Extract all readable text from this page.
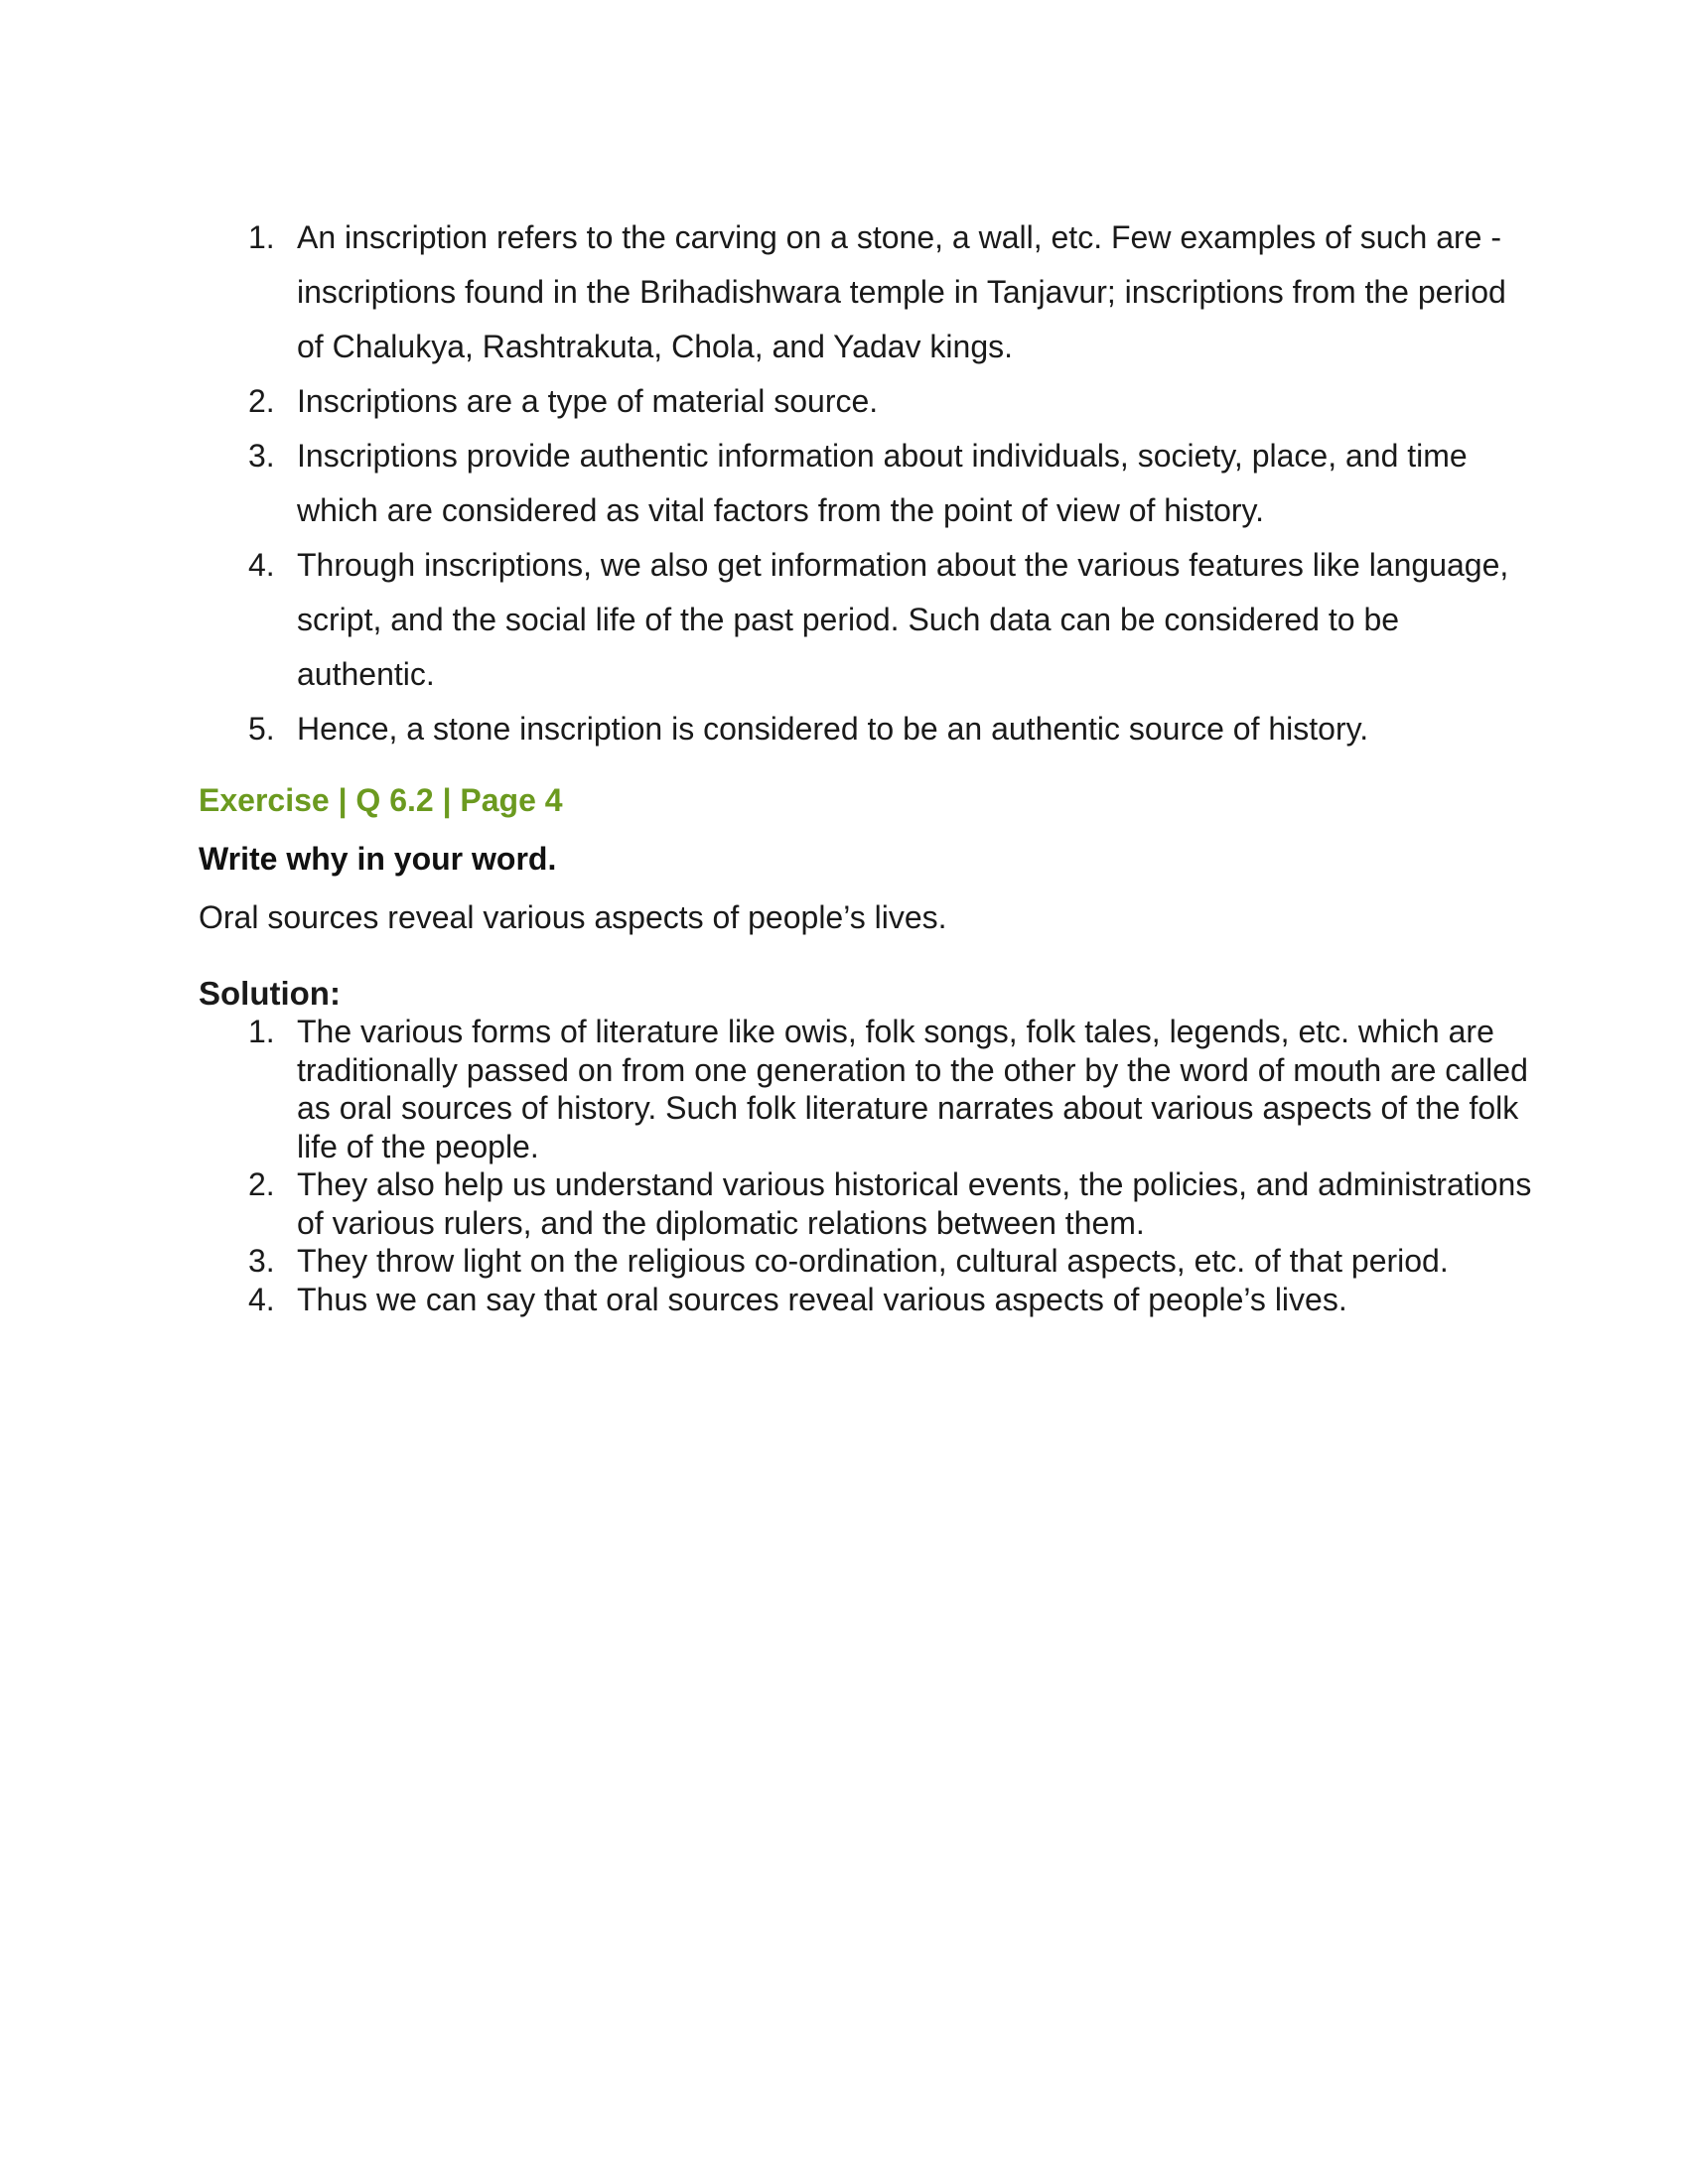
1. An inscription refers to the carving on a stone, a wall, etc. Few examples of such are - inscriptions found in the Brihadishwara temple in Tanjavur; inscriptions from the period of Chalukya, Rashtrakuta, Chola, and Yadav kings.
2. Inscriptions are a type of material source.
3. Inscriptions provide authentic information about individuals, society, place, and time which are considered as vital factors from the point of view of history.
4. Through inscriptions, we also get information about the various features like language, script, and the social life of the past period. Such data can be considered to be authentic.
5. Hence, a stone inscription is considered to be an authentic source of history.
Exercise | Q 6.2 | Page 4
Write why in your word.
Oral sources reveal various aspects of people’s lives.
Solution:
1. The various forms of literature like owis, folk songs, folk tales, legends, etc. which are traditionally passed on from one generation to the other by the word of mouth are called as oral sources of history. Such folk literature narrates about various aspects of the folk life of the people.
2. They also help us understand various historical events, the policies, and administrations of various rulers, and the diplomatic relations between them.
3. They throw light on the religious co-ordination, cultural aspects, etc. of that period.
4. Thus we can say that oral sources reveal various aspects of people’s lives.
